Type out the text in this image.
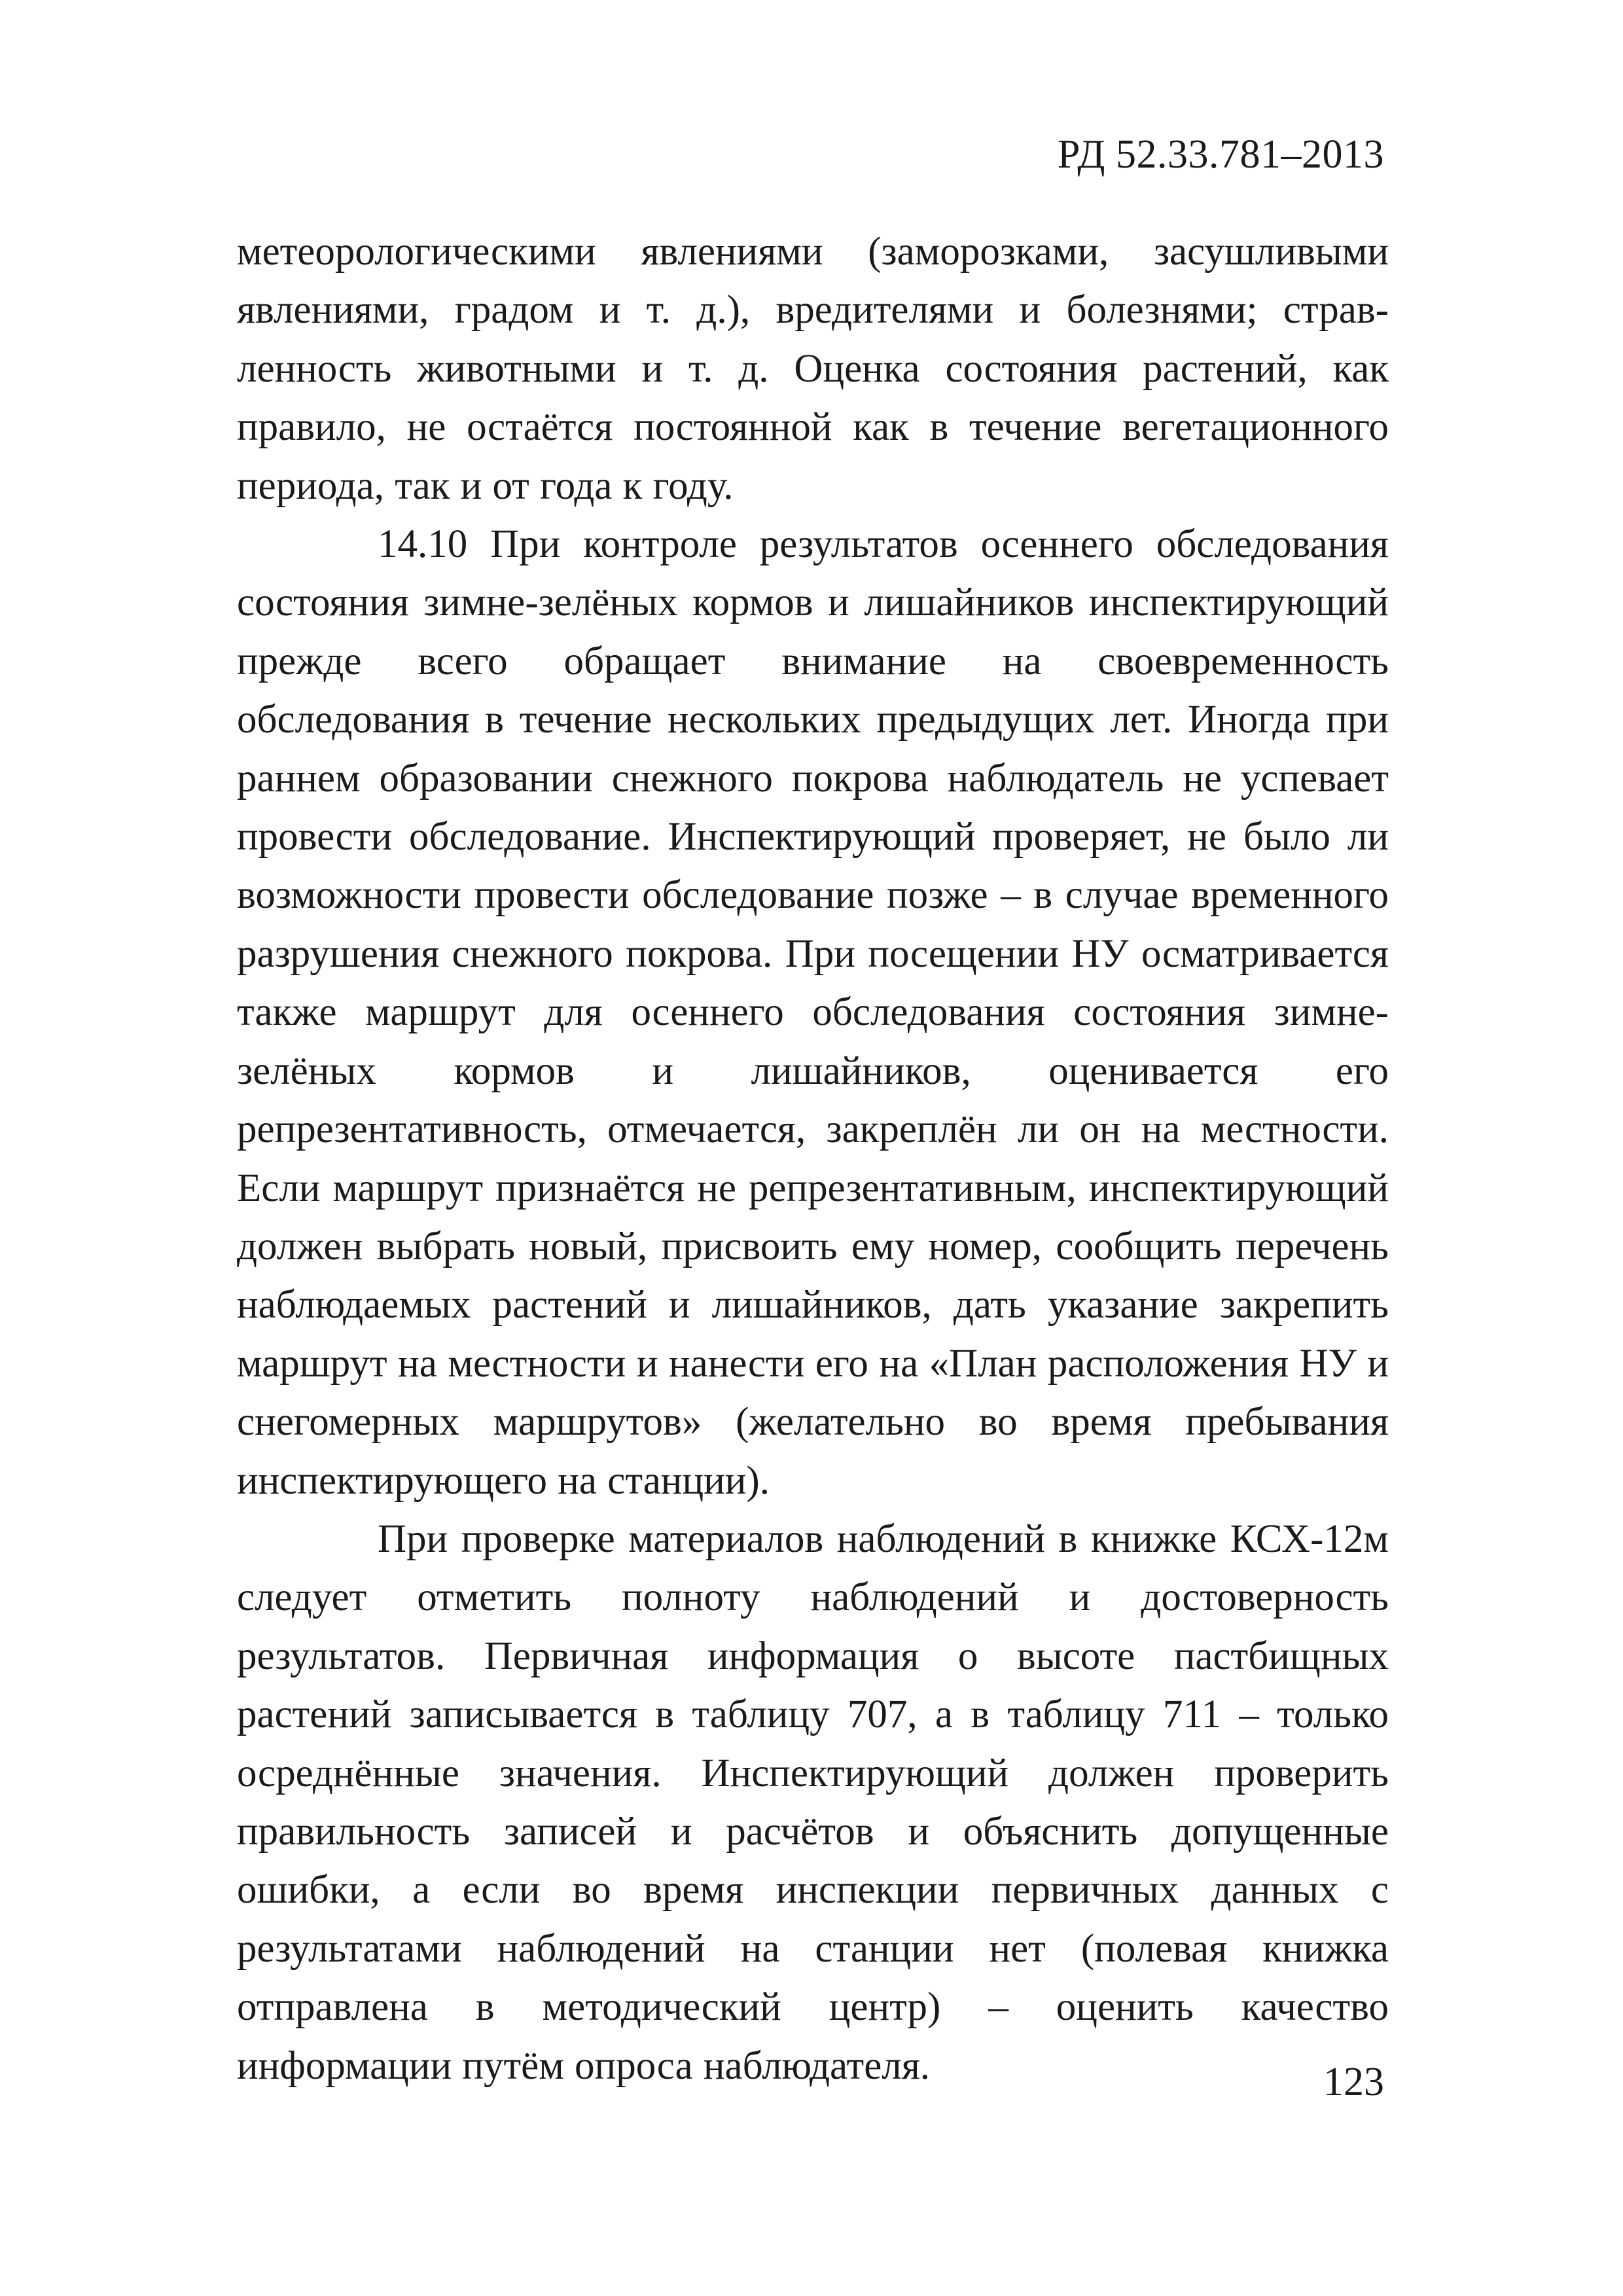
РД 52.33.781–2013

метеорологическими явлениями (заморозками, засушливыми явлениями, градом и т. д.), вредителями и болезнями; стравленность животными и т. д. Оценка состояния растений, как правило, не остаётся постоянной как в течение вегетационного периода, так и от года к году.

14.10 При контроле результатов осеннего обследования состояния зимне-зелёных кормов и лишайников инспектирующий прежде всего обращает внимание на своевременность обследования в течение нескольких предыдущих лет. Иногда при раннем образовании снежного покрова наблюдатель не успевает провести обследование. Инспектирующий проверяет, не было ли возможности провести обследование позже – в случае временного разрушения снежного покрова. При посещении НУ осматривается также маршрут для осеннего обследования состояния зимне-зелёных кормов и лишайников, оценивается его репрезентативность, отмечается, закреплён ли он на местности. Если маршрут признаётся не репрезентативным, инспектирующий должен выбрать новый, присвоить ему номер, сообщить перечень наблюдаемых растений и лишайников, дать указание закрепить маршрут на местности и нанести его на «План расположения НУ и снегомерных маршрутов» (желательно во время пребывания инспектирующего на станции).

При проверке материалов наблюдений в книжке КСХ-12м следует отметить полноту наблюдений и достоверность результатов. Первичная информация о высоте пастбищных растений записывается в таблицу 707, а в таблицу 711 – только осреднённые значения. Инспектирующий должен проверить правильность записей и расчётов и объяснить допущенные ошибки, а если во время инспекции первичных данных с результатами наблюдений на станции нет (полевая книжка отправлена в методический центр) – оценить качество информации путём опроса наблюдателя.	123
